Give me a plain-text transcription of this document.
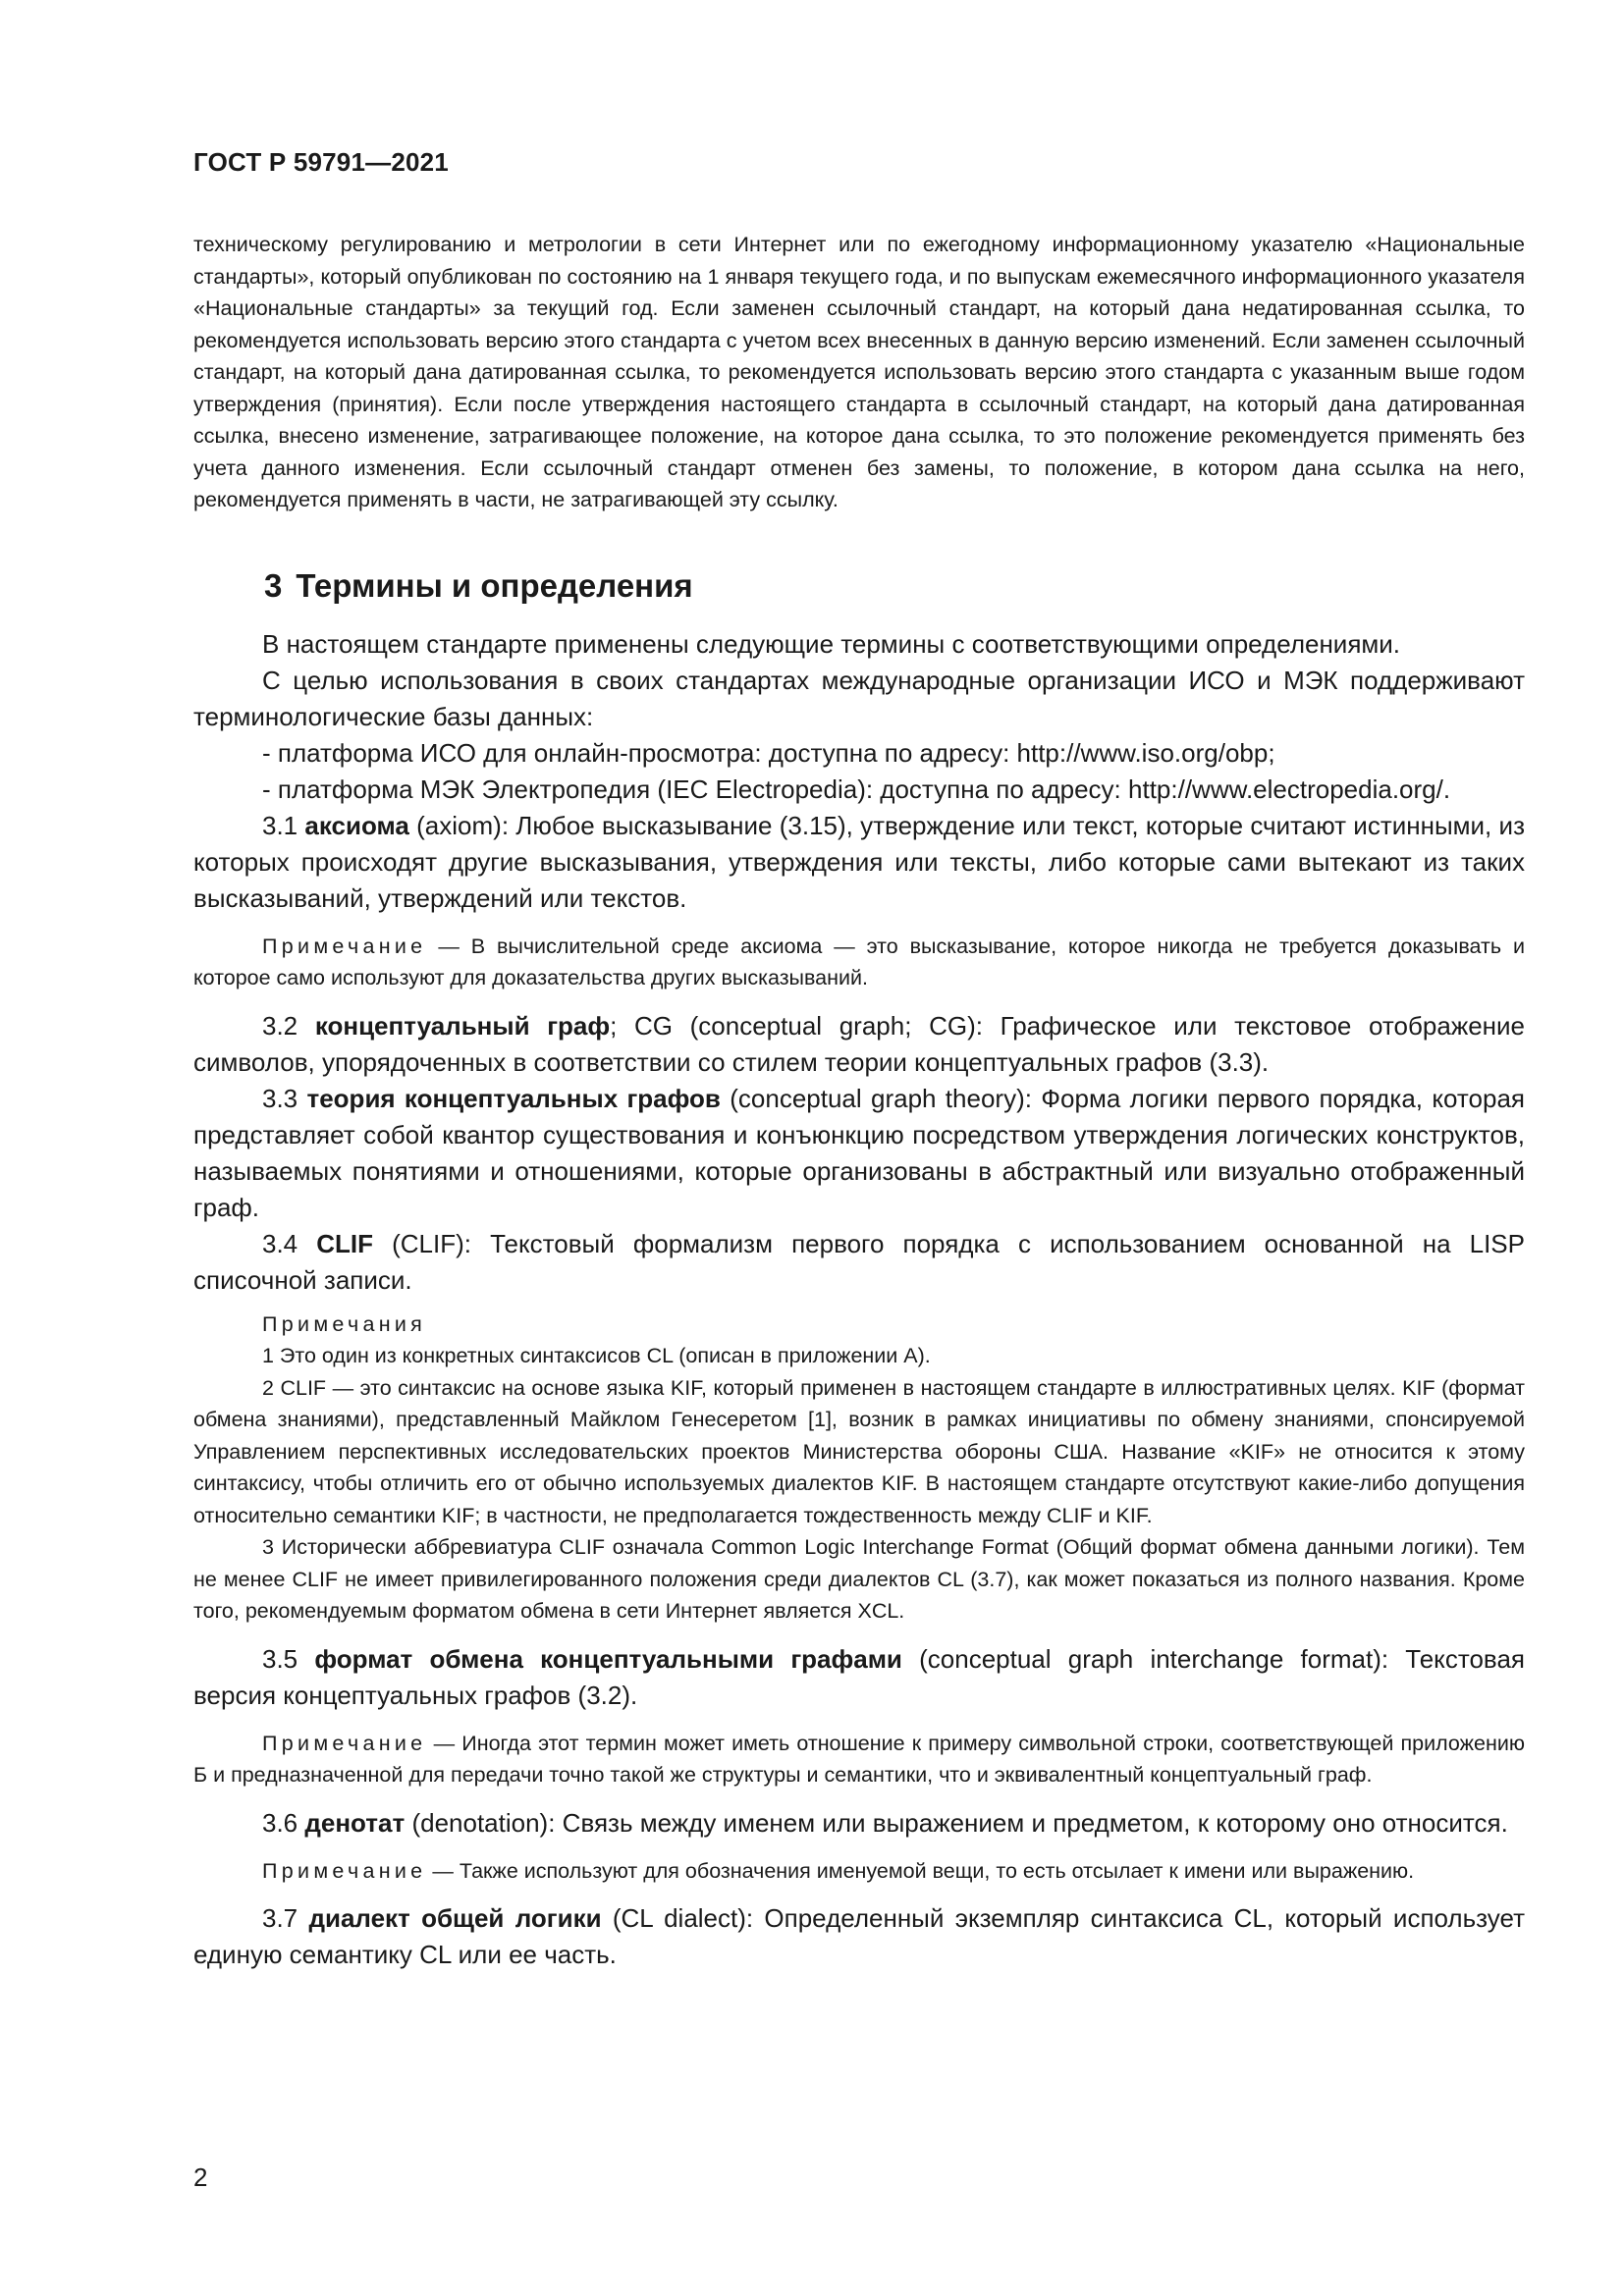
ГОСТ Р 59791—2021

техническому регулированию и метрологии в сети Интернет или по ежегодному информационному указателю «Национальные стандарты», который опубликован по состоянию на 1 января текущего года, и по выпускам ежемесячного информационного указателя «Национальные стандарты» за текущий год. Если заменен ссылочный стандарт, на который дана недатированная ссылка, то рекомендуется использовать версию этого стандарта с учетом всех внесенных в данную версию изменений. Если заменен ссылочный стандарт, на который дана датированная ссылка, то рекомендуется использовать версию этого стандарта с указанным выше годом утверждения (принятия). Если после утверждения настоящего стандарта в ссылочный стандарт, на который дана датированная ссылка, внесено изменение, затрагивающее положение, на которое дана ссылка, то это положение рекомендуется применять без учета данного изменения. Если ссылочный стандарт отменен без замены, то положение, в котором дана ссылка на него, рекомендуется применять в части, не затрагивающей эту ссылку.

3 Термины и определения

В настоящем стандарте применены следующие термины с соответствующими определениями.

С целью использования в своих стандартах международные организации ИСО и МЭК поддерживают терминологические базы данных:

- платформа ИСО для онлайн-просмотра: доступна по адресу: http://www.iso.org/obp;

- платформа МЭК Электропедия (IEC Electropedia): доступна по адресу: http://www.electropedia.org/.

3.1 аксиома (axiom): Любое высказывание (3.15), утверждение или текст, которые считают истинными, из которых происходят другие высказывания, утверждения или тексты, либо которые сами вытекают из таких высказываний, утверждений или текстов.

Примечание — В вычислительной среде аксиома — это высказывание, которое никогда не требуется доказывать и которое само используют для доказательства других высказываний.

3.2 концептуальный граф; CG (conceptual graph; CG): Графическое или текстовое отображение символов, упорядоченных в соответствии со стилем теории концептуальных графов (3.3).

3.3 теория концептуальных графов (conceptual graph theory): Форма логики первого порядка, которая представляет собой квантор существования и конъюнкцию посредством утверждения логических конструктов, называемых понятиями и отношениями, которые организованы в абстрактный или визуально отображенный граф.

3.4 CLIF (CLIF): Текстовый формализм первого порядка с использованием основанной на LISP списочной записи.

Примечания

1 Это один из конкретных синтаксисов CL (описан в приложении А).

2 CLIF — это синтаксис на основе языка KIF, который применен в настоящем стандарте в иллюстративных целях. KIF (формат обмена знаниями), представленный Майклом Генесеретом [1], возник в рамках инициативы по обмену знаниями, спонсируемой Управлением перспективных исследовательских проектов Министерства обороны США. Название «KIF» не относится к этому синтаксису, чтобы отличить его от обычно используемых диалектов KIF. В настоящем стандарте отсутствуют какие-либо допущения относительно семантики KIF; в частности, не предполагается тождественность между CLIF и KIF.

3 Исторически аббревиатура CLIF означала Common Logic Interchange Format (Общий формат обмена данными логики). Тем не менее CLIF не имеет привилегированного положения среди диалектов CL (3.7), как может показаться из полного названия. Кроме того, рекомендуемым форматом обмена в сети Интернет является XCL.

3.5 формат обмена концептуальными графами (conceptual graph interchange format): Текстовая версия концептуальных графов (3.2).

Примечание — Иногда этот термин может иметь отношение к примеру символьной строки, соответствующей приложению Б и предназначенной для передачи точно такой же структуры и семантики, что и эквивалентный концептуальный граф.

3.6 денотат (denotation): Связь между именем или выражением и предметом, к которому оно относится.

Примечание — Также используют для обозначения именуемой вещи, то есть отсылает к имени или выражению.

3.7 диалект общей логики (CL dialect): Определенный экземпляр синтаксиса CL, который использует единую семантику CL или ее часть.

2
